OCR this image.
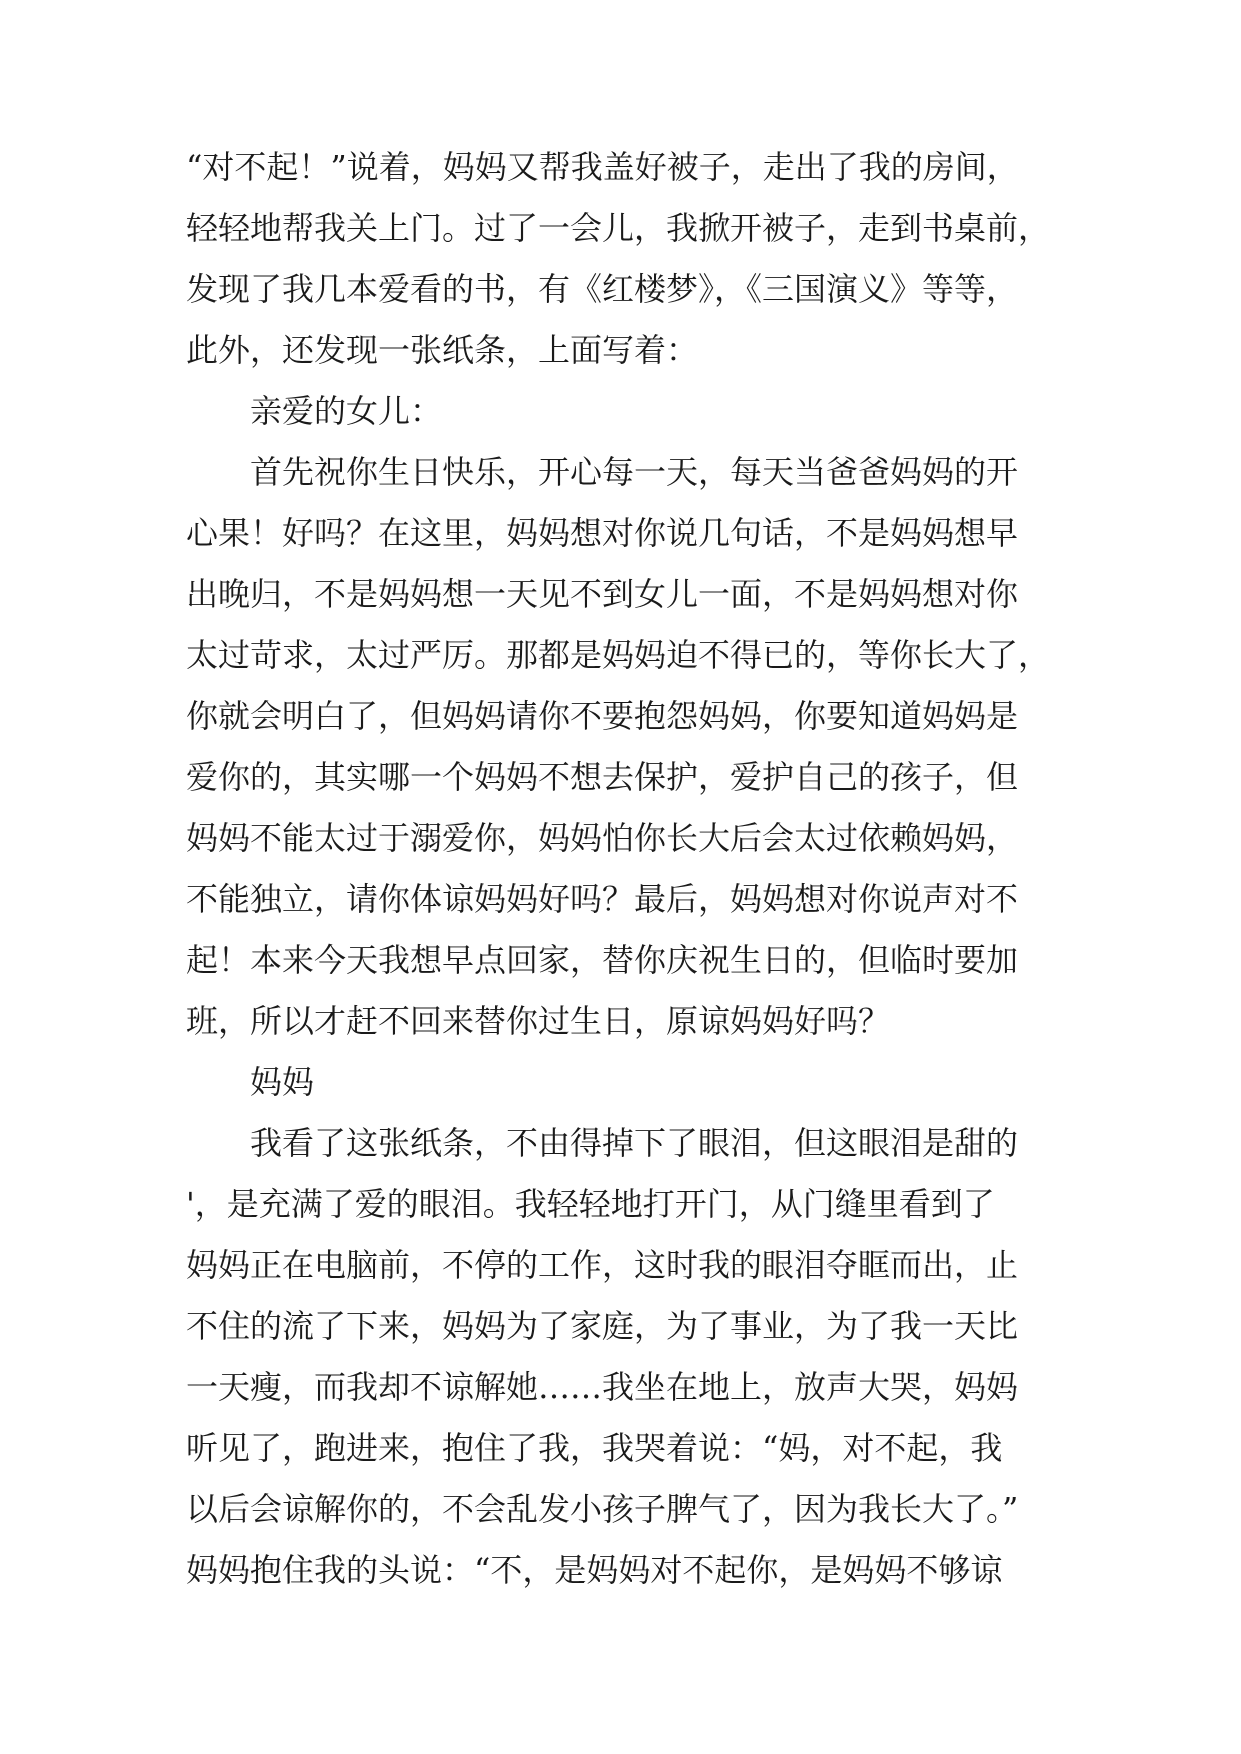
“对不起！”说着，妈妈又帮我盖好被子，走出了我的房间，
轻轻地帮我关上门。过了一会儿，我掀开被子，走到书桌前，
发现了我几本爱看的书，有《红楼梦》，《三国演义》等等，
此外，还发现一张纸条，上面写着：
亲爱的女儿：
首先祝你生日快乐，开心每一天，每天当爸爸妈妈的开
心果！好吗？在这里，妈妈想对你说几句话，不是妈妈想早
出晚归，不是妈妈想一天见不到女儿一面，不是妈妈想对你
太过苛求，太过严厉。那都是妈妈迫不得已的，等你长大了，
你就会明白了，但妈妈请你不要抱怨妈妈，你要知道妈妈是
爱你的，其实哪一个妈妈不想去保护，爱护自己的孩子，但
妈妈不能太过于溺爱你，妈妈怕你长大后会太过依赖妈妈，
不能独立，请你体谅妈妈好吗？最后，妈妈想对你说声对不
起！本来今天我想早点回家，替你庆祝生日的，但临时要加
班，所以才赶不回来替你过生日，原谅妈妈好吗？
妈妈
我看了这张纸条，不由得掉下了眼泪，但这眼泪是甜的
'，是充满了爱的眼泪。我轻轻地打开门，从门缝里看到了
妈妈正在电脑前，不停的工作，这时我的眼泪夺眶而出，止
不住的流了下来，妈妈为了家庭，为了事业，为了我一天比
一天瘦，而我却不谅解她……我坐在地上，放声大哭，妈妈
听见了，跑进来，抱住了我，我哭着说：“妈，对不起，我
以后会谅解你的，不会乱发小孩子脾气了，因为我长大了。”
妈妈抱住我的头说：“不，是妈妈对不起你，是妈妈不够谅
